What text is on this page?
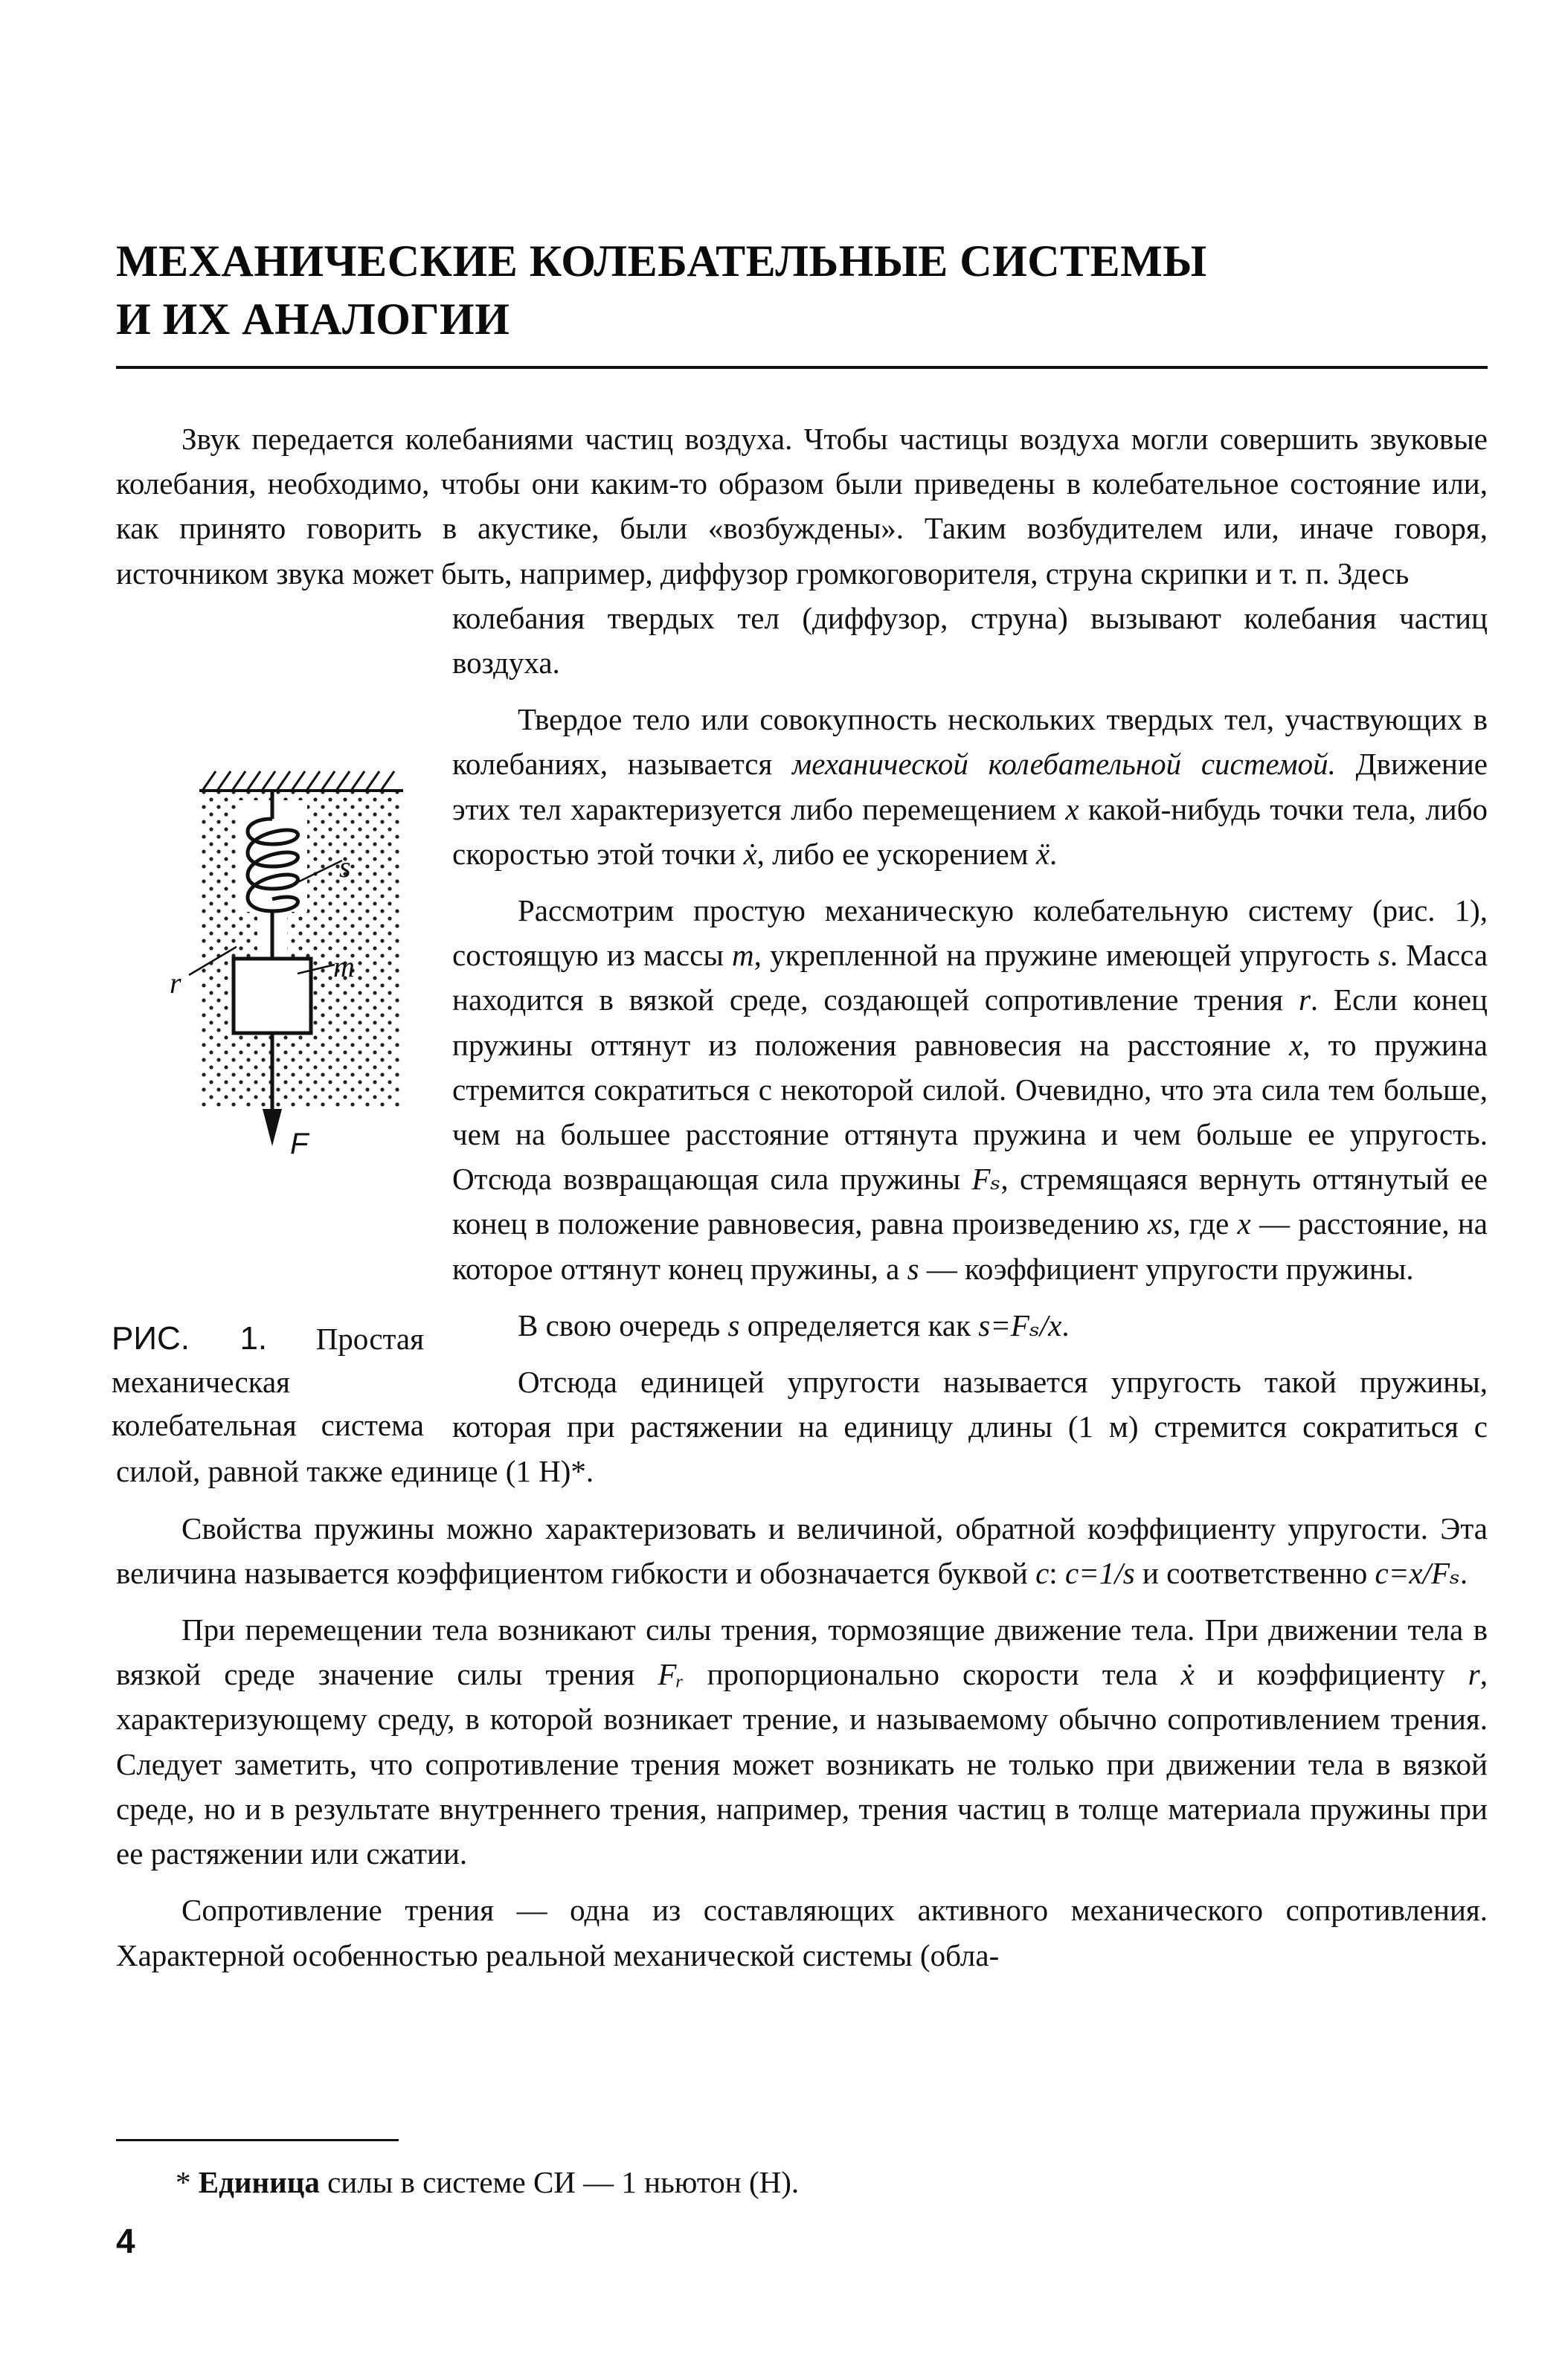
МЕХАНИЧЕСКИЕ КОЛЕБАТЕЛЬНЫЕ СИСТЕМЫ
И ИХ АНАЛОГИИ

Звук передается колебаниями частиц воздуха. Чтобы частицы воздуха могли совершить звуковые колебания, необходимо, чтобы они каким-то образом были приведены в колебательное состояние или, как принято говорить в акустике, были «возбуждены». Таким возбудителем или, иначе говоря, источником звука может быть, например, диффузор громкоговорителя, струна скрипки и т. п. Здесь

s
r	m
F
РИС. 1. Простая механическая колебательная система

колебания твердых тел (диффузор, струна) вызывают колебания частиц воздуха.

Твердое тело или совокупность нескольких твердых тел, участвующих в колебаниях, называется механической колебательной системой. Движение этих тел характеризуется либо перемещением x какой-нибудь точки тела, либо скоростью этой точки ẋ, либо ее ускорением ẍ.

Рассмотрим простую механическую колебательную систему (рис. 1), состоящую из массы m, укрепленной на пружине имеющей упругость s. Масса находится в вязкой среде, создающей сопротивление трения r. Если конец пружины оттянут из положения равновесия на расстояние x, то пружина стремится сократиться с некоторой силой. Очевидно, что эта сила тем больше, чем на большее расстояние оттянута пружина и чем больше ее упругость. Отсюда возвращающая сила пружины Fₛ, стремящаяся вернуть оттянутый ее конец в положение равновесия, равна произведению xs, где x — расстояние, на которое оттянут конец пружины, а s — коэффициент упругости пружины.

В свою очередь s определяется как s=Fₛ/x.

Отсюда единицей упругости называется упругость такой пружины, которая при растяжении на единицу длины (1 м) стремится сократиться с силой, равной также единице (1 Н)*.

Свойства пружины можно характеризовать и величиной, обратной коэффициенту упругости. Эта величина называется коэффициентом гибкости и обозначается буквой c: c=1/s и соответственно c=x/Fₛ.

При перемещении тела возникают силы трения, тормозящие движение тела. При движении тела в вязкой среде значение силы трения Fᵣ пропорционально скорости тела ẋ и коэффициенту r, характеризующему среду, в которой возникает трение, и называемому обычно сопротивлением трения. Следует заметить, что сопротивление трения может возникать не только при движении тела в вязкой среде, но и в результате внутреннего трения, например, трения частиц в толще материала пружины при ее растяжении или сжатии.

Сопротивление трения — одна из составляющих активного механического сопротивления. Характерной особенностью реальной механической системы (обла-

* Единица силы в системе СИ — 1 ньютон (Н).
4
